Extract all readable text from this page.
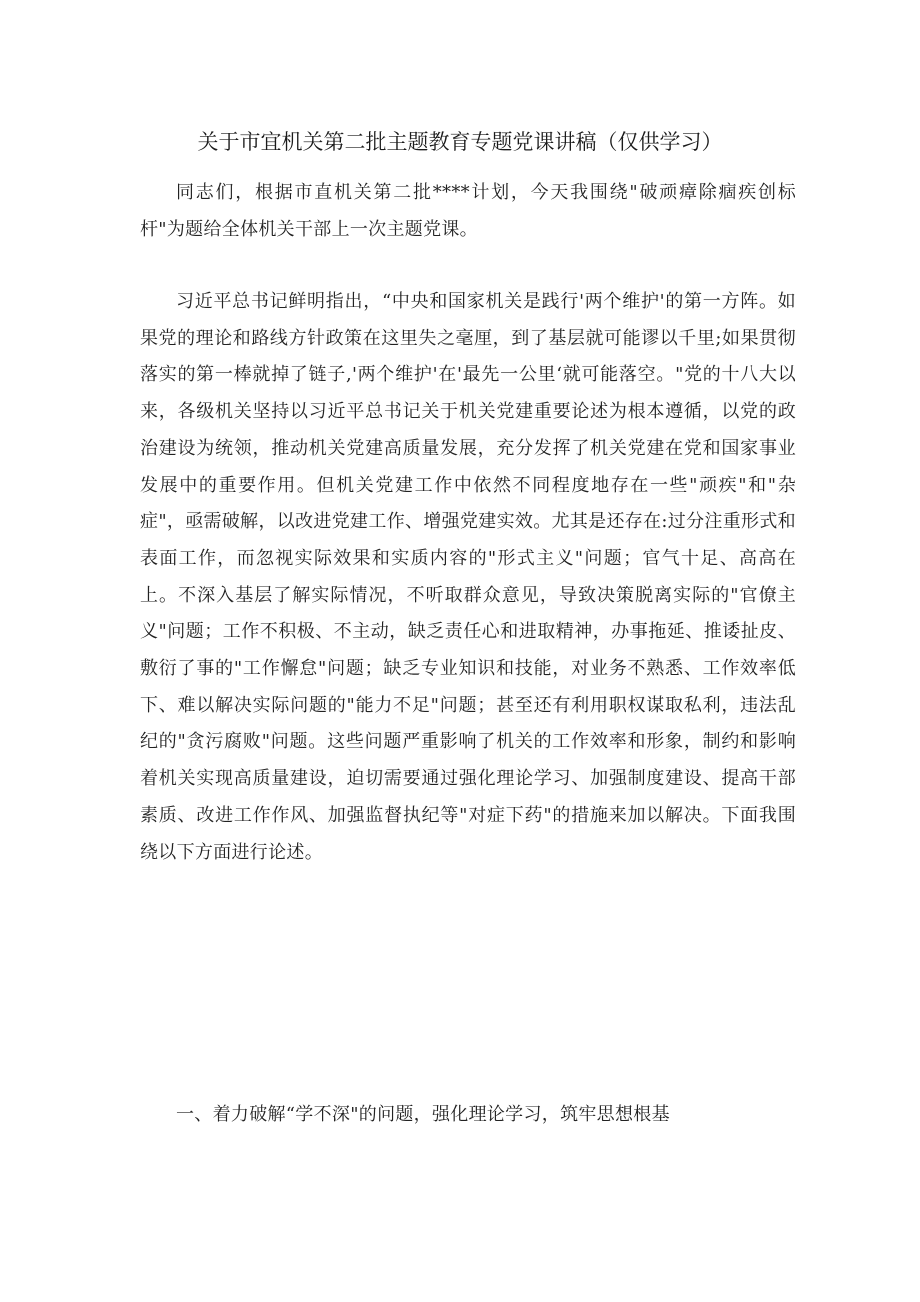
关于市宜机关第二批主题教育专题党课讲稿（仅供学习）

同志们，根据市直机关第二批****计划，今天我围绕"破顽瘴除痼疾创标杆"为题给全体机关干部上一次主题党课。

习近平总书记鲜明指出，“中央和国家机关是践行'两个维护'的第一方阵。如果党的理论和路线方针政策在这里失之毫厘，到了基层就可能谬以千里;如果贯彻落实的第一棒就掉了链子,'两个维护'在'最先一公里‘就可能落空。"党的十八大以来，各级机关坚持以习近平总书记关于机关党建重要论述为根本遵循，以党的政治建设为统领，推动机关党建高质量发展，充分发挥了机关党建在党和国家事业发展中的重要作用。但机关党建工作中依然不同程度地存在一些"顽疾"和"杂症"，亟需破解，以改进党建工作、增强党建实效。尤其是还存在:过分注重形式和表面工作，而忽视实际效果和实质内容的"形式主义"问题；官气十足、高高在上。不深入基层了解实际情况，不听取群众意见，导致决策脱离实际的"官僚主义"问题；工作不积极、不主动，缺乏责任心和进取精神，办事拖延、推诿扯皮、敷衍了事的"工作懈怠"问题；缺乏专业知识和技能，对业务不熟悉、工作效率低下、难以解决实际问题的"能力不足"问题；甚至还有利用职权谋取私利，违法乱纪的"贪污腐败"问题。这些问题严重影响了机关的工作效率和形象，制约和影响着机关实现高质量建设，迫切需要通过强化理论学习、加强制度建设、提高干部素质、改进工作作风、加强监督执纪等"对症下药"的措施来加以解决。下面我围绕以下方面进行论述。

一、着力破解“学不深"的问题，强化理论学习，筑牢思想根基
